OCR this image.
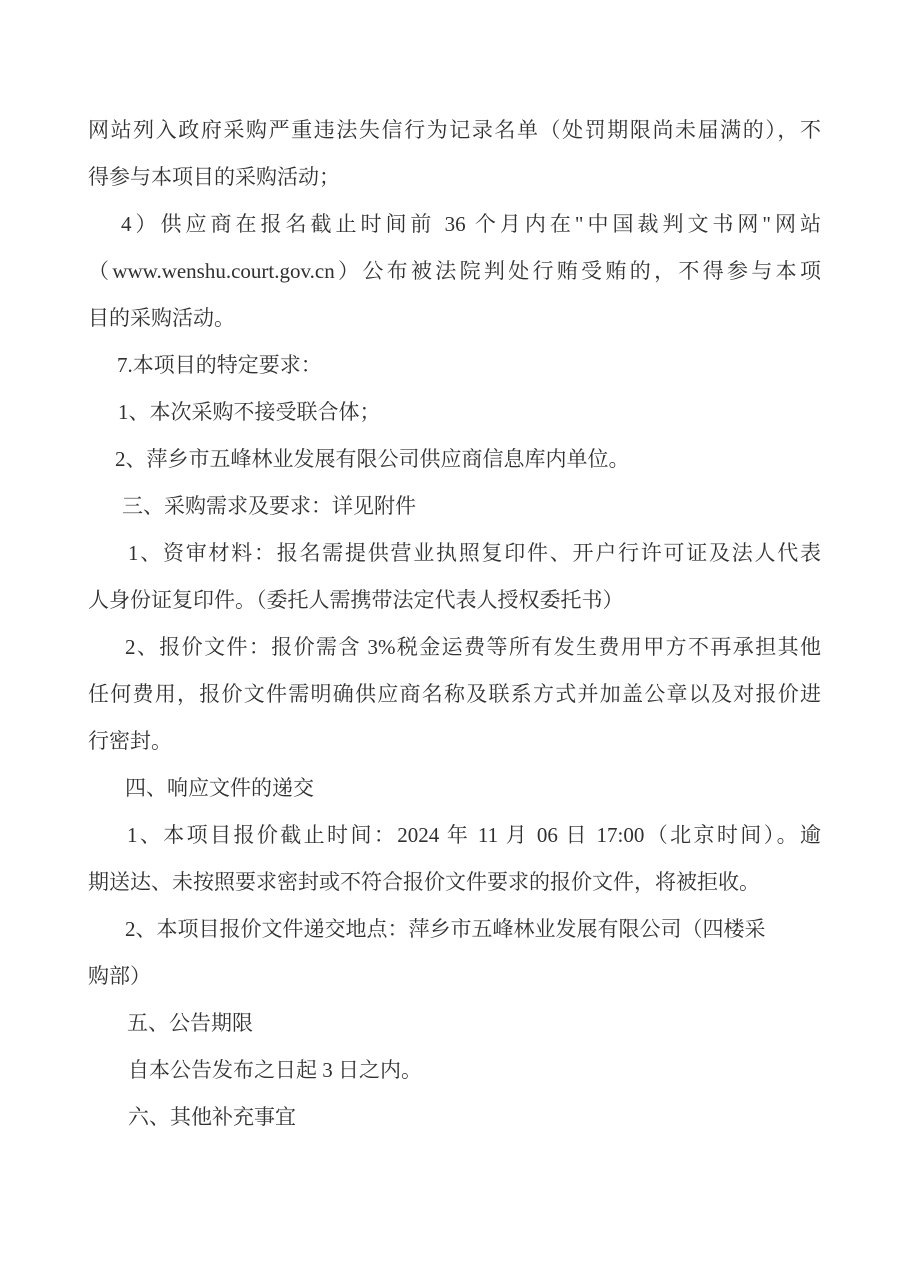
网站列入政府采购严重违法失信行为记录名单（处罚期限尚未届满的），不
得参与本项目的采购活动；
4）供应商在报名截止时间前 36 个月内在"中国裁判文书网"网站
（www.wenshu.court.gov.cn）公布被法院判处行贿受贿的，不得参与本项
目的采购活动。
7.本项目的特定要求：
1、本次采购不接受联合体；
2、萍乡市五峰林业发展有限公司供应商信息库内单位。
三、采购需求及要求：详见附件
1、资审材料：报名需提供营业执照复印件、开户行许可证及法人代表
人身份证复印件。（委托人需携带法定代表人授权委托书）
2、报价文件：报价需含 3%税金运费等所有发生费用甲方不再承担其他
任何费用，报价文件需明确供应商名称及联系方式并加盖公章以及对报价进
行密封。
四、响应文件的递交
1、本项目报价截止时间：2024 年 11 月 06 日 17:00（北京时间）。逾
期送达、未按照要求密封或不符合报价文件要求的报价文件，将被拒收。
2、本项目报价文件递交地点：萍乡市五峰林业发展有限公司（四楼采
购部）
五、公告期限
自本公告发布之日起 3 日之内。
六、其他补充事宜
